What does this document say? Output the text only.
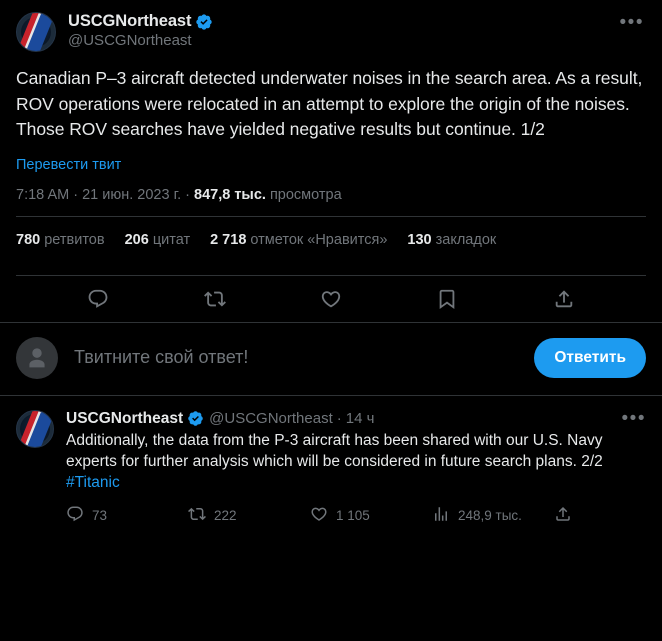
USCGNortheast
@USCGNortheast
•••
Canadian P–3 aircraft detected underwater noises in the search area. As a result, ROV operations were relocated in an attempt to explore the origin of the noises. Those ROV searches have yielded negative results but continue. 1/2
Перевести твит
7:18 AM · 21 июн. 2023 г. · 847,8 тыс. просмотра
780 ретвитов 206 цитат 2 718 отметок «Нравится» 130 закладок
Твитните свой ответ!	Ответить
USCGNortheast @USCGNortheast · 14 ч	•••
Additionally, the data from the P-3 aircraft has been shared with our U.S. Navy experts for further analysis which will be considered in future search plans. 2/2 #Titanic
73	222	1 105	248,9 тыс.
